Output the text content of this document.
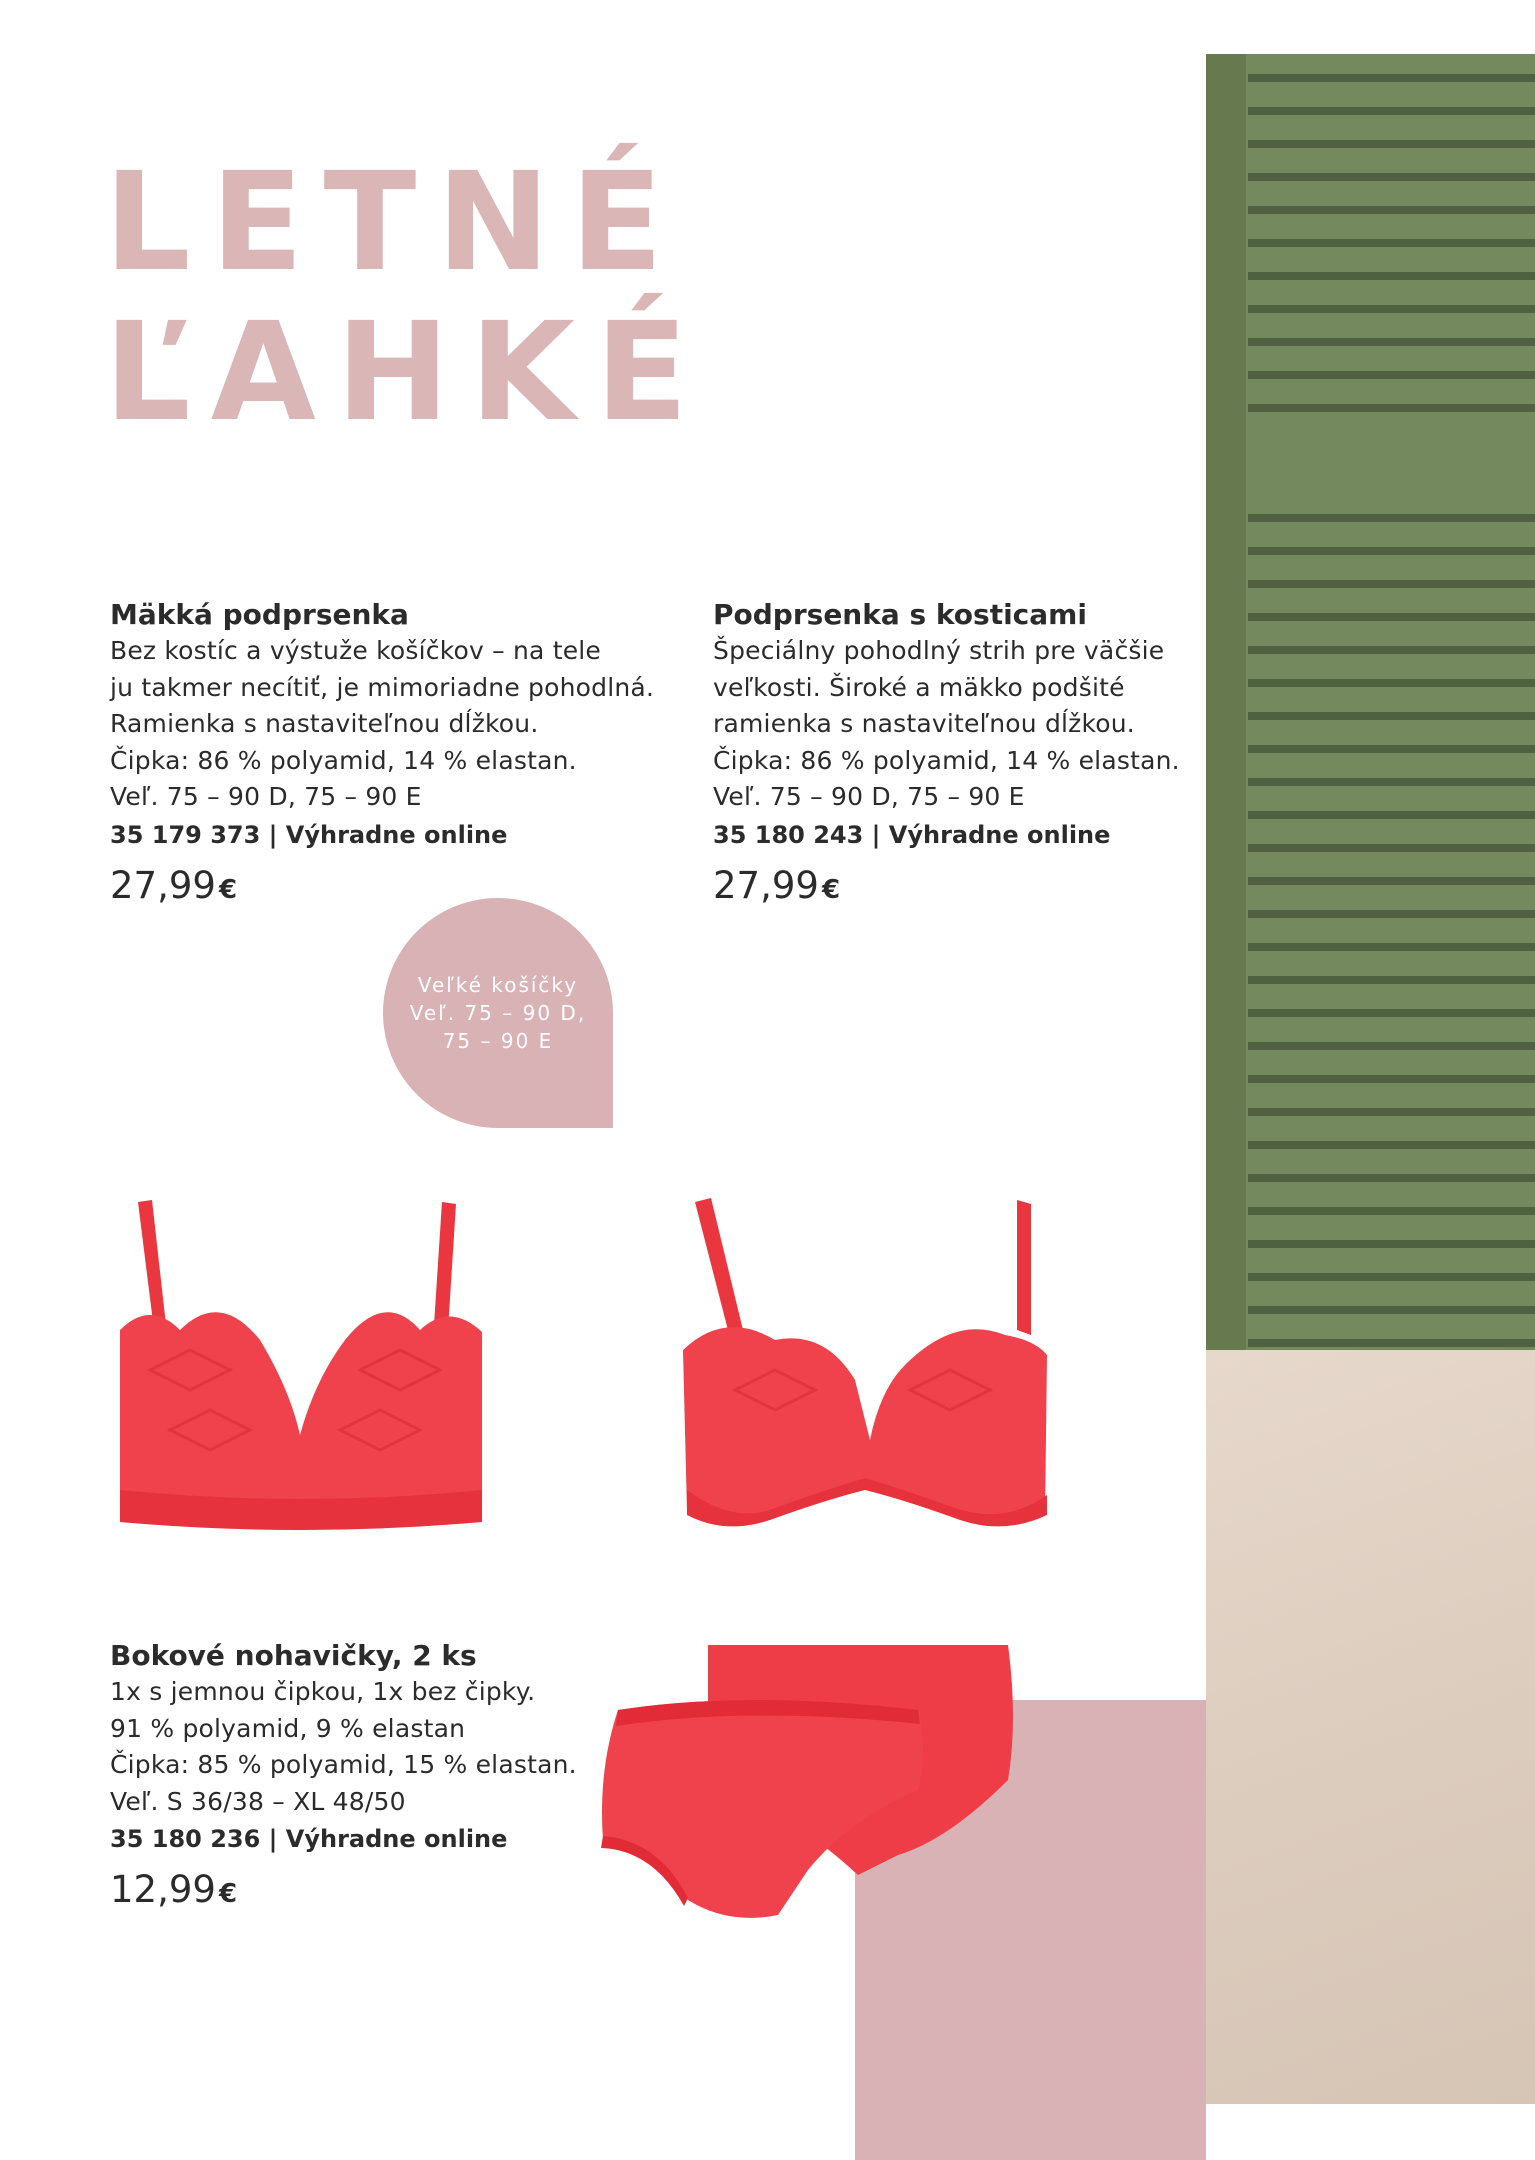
LETNÉ
ĽAHKÉ
Mäkká podprsenka
Bez kostíc a výstuže košíčkov – na tele
ju takmer necítiť, je mimoriadne pohodlná.
Ramienka s nastaviteľnou dĺžkou.
Čipka: 86 % polyamid, 14 % elastan.
Veľ. 75 – 90 D, 75 – 90 E
35 179 373 | Výhradne online
27,99 €
Podprsenka s kosticami
Špeciálny pohodlný strih pre väčšie
veľkosti. Široké a mäkko podšité
ramienka s nastaviteľnou dĺžkou.
Čipka: 86 % polyamid, 14 % elastan.
Veľ. 75 – 90 D, 75 – 90 E
35 180 243 | Výhradne online
27,99 €
Veľké košíčky
Veľ. 75 – 90 D,
75 – 90 E
Bokové nohavičky, 2 ks
1x s jemnou čipkou, 1x bez čipky.
91 % polyamid, 9 % elastan
Čipka: 85 % polyamid, 15 % elastan.
Veľ. S 36/38 – XL 48/50
35 180 236 | Výhradne online
12,99 €
